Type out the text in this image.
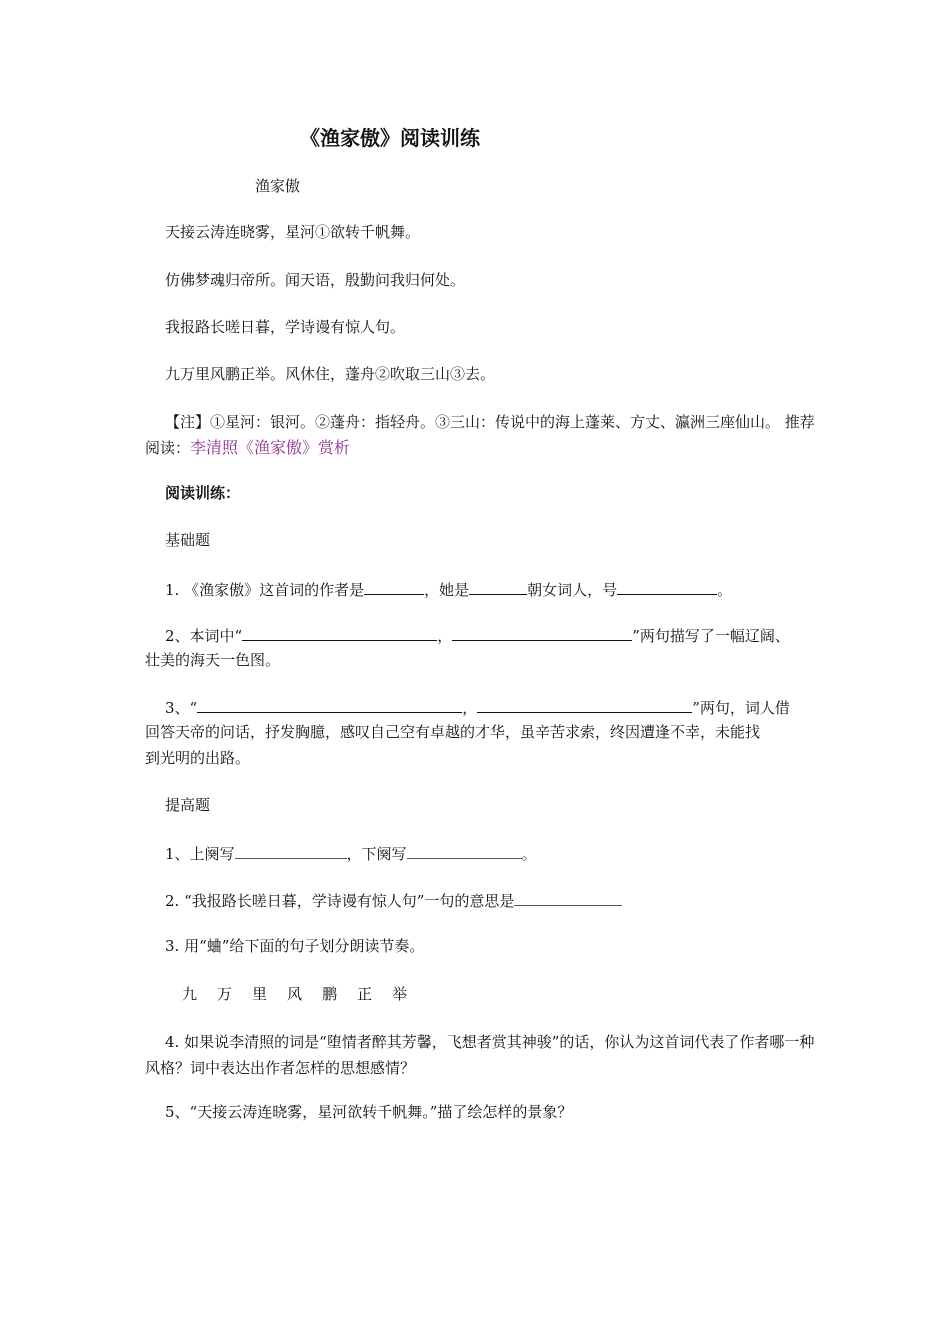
《渔家傲》阅读训练
渔家傲
天接云涛连晓雾，星河①欲转千帆舞。
仿佛梦魂归帝所。闻天语，殷勤问我归何处。
我报路长嗟日暮，学诗谩有惊人句。
九万里风鹏正举。风休住，蓬舟②吹取三山③去。
【注】①星河：银河。②蓬舟：指轻舟。③三山：传说中的海上蓬莱、方丈、瀛洲三座仙山。 推荐阅读：李清照《渔家傲》赏析
阅读训练：
基础题
1. 《渔家傲》这首词的作者是	，她是	朝女词人，号	。
2、本词中“	，	”两句描写了一幅辽阔、
壮美的海天一色图。
3、“	，	”两句，词人借
回答天帝的问话，抒发胸臆，感叹自己空有卓越的才华，虽辛苦求索，终因遭逢不幸，未能找
到光明的出路。
提高题
1、上阕写	，下阕写	。
2. “我报路长嗟日暮，学诗谩有惊人句”一句的意思是
3. 用“蛐”给下面的句子划分朗读节奏。
九 万 里 风 鹏 正 举
4. 如果说李清照的词是“堕情者醉其芳馨，飞想者赏其神骏”的话，你认为这首词代表了作者哪一种风格？词中表达出作者怎样的思想感情？
5、“天接云涛连晓雾，星河欲转千帆舞。”描了绘怎样的景象？
